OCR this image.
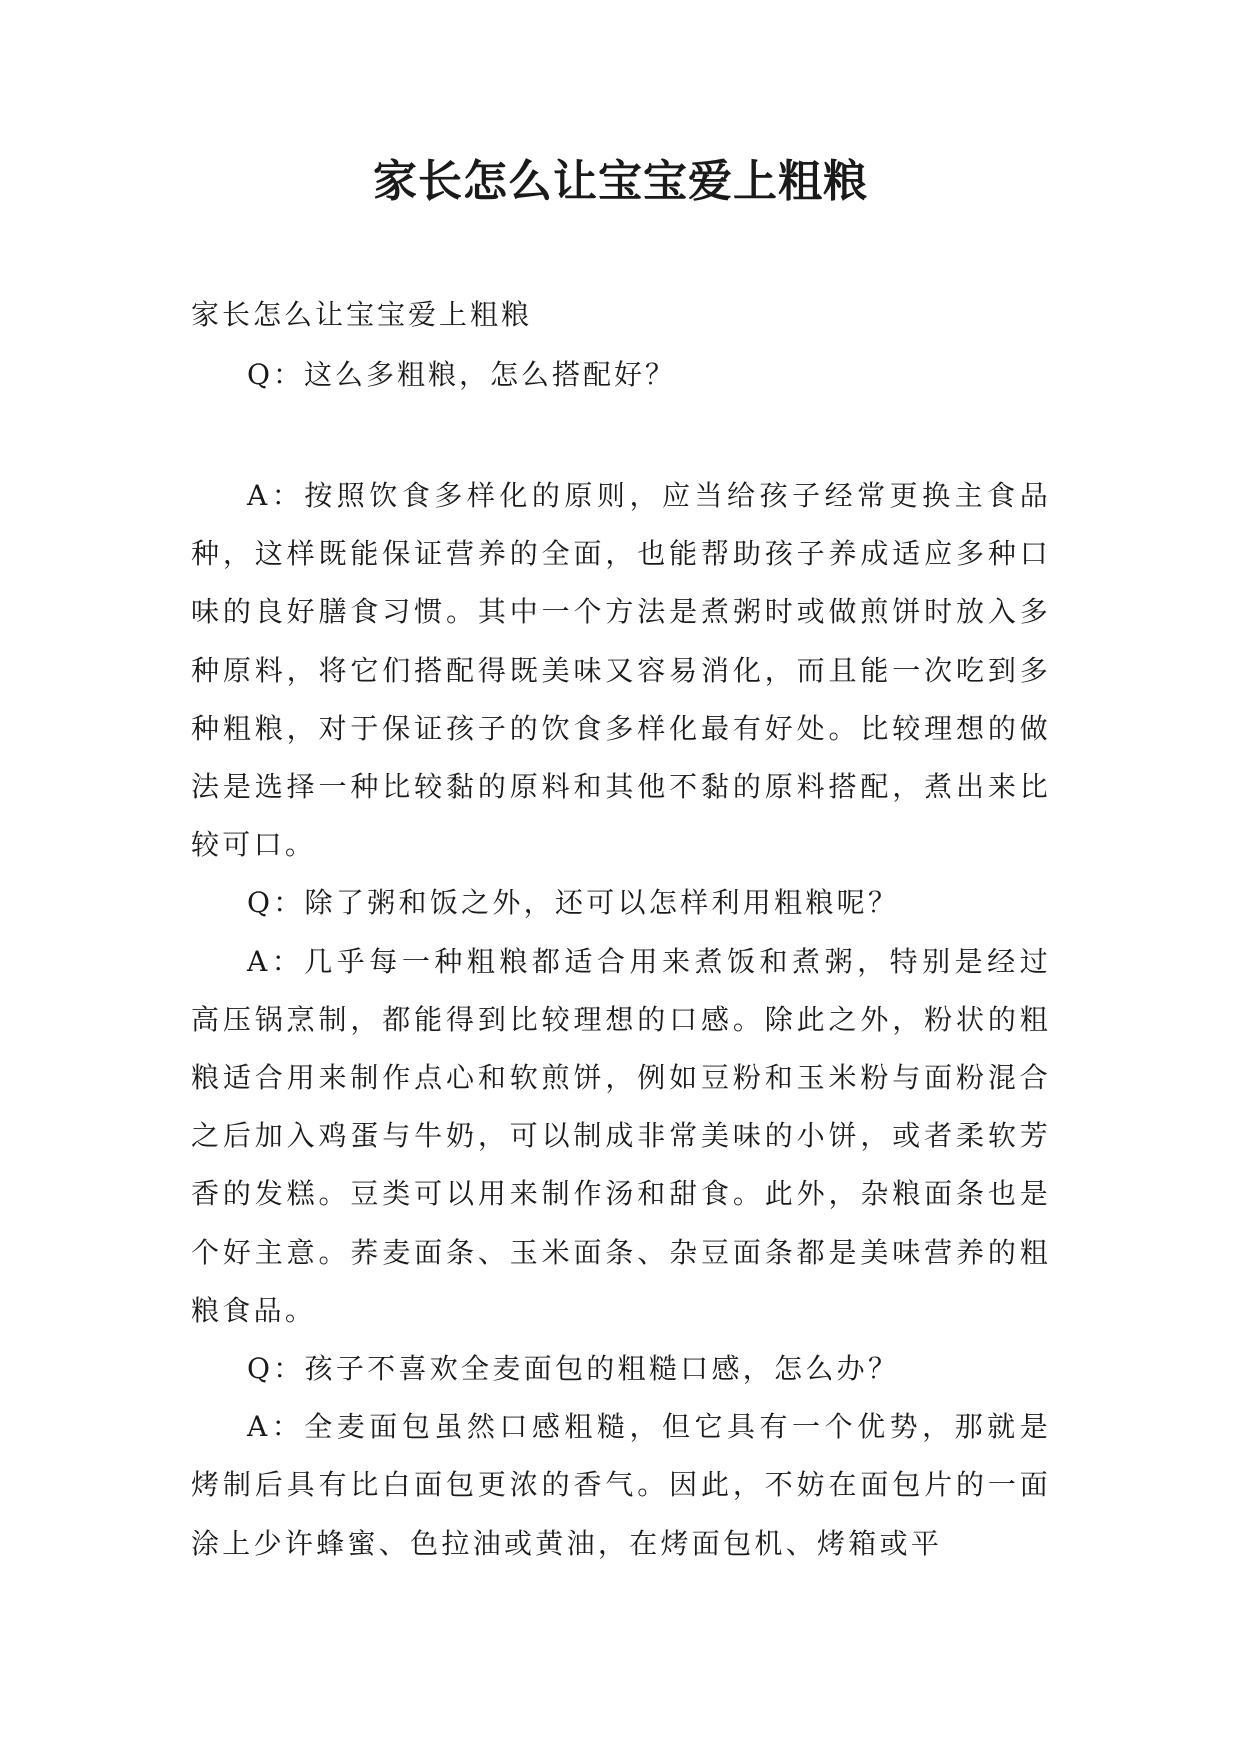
家长怎么让宝宝爱上粗粮
家长怎么让宝宝爱上粗粮
Q：这么多粗粮，怎么搭配好？

A：按照饮食多样化的原则，应当给孩子经常更换主食品种，这样既能保证营养的全面，也能帮助孩子养成适应多种口味的良好膳食习惯。其中一个方法是煮粥时或做煎饼时放入多种原料，将它们搭配得既美味又容易消化，而且能一次吃到多种粗粮，对于保证孩子的饮食多样化最有好处。比较理想的做法是选择一种比较黏的原料和其他不黏的原料搭配，煮出来比较可口。

Q：除了粥和饭之外，还可以怎样利用粗粮呢？

A：几乎每一种粗粮都适合用来煮饭和煮粥，特别是经过高压锅烹制，都能得到比较理想的口感。除此之外，粉状的粗粮适合用来制作点心和软煎饼，例如豆粉和玉米粉与面粉混合之后加入鸡蛋与牛奶，可以制成非常美味的小饼，或者柔软芳香的发糕。豆类可以用来制作汤和甜食。此外，杂粮面条也是个好主意。荞麦面条、玉米面条、杂豆面条都是美味营养的粗粮食品。

Q：孩子不喜欢全麦面包的粗糙口感，怎么办？

A：全麦面包虽然口感粗糙，但它具有一个优势，那就是烤制后具有比白面包更浓的香气。因此，不妨在面包片的一面涂上少许蜂蜜、色拉油或黄油，在烤面包机、烤箱或平
